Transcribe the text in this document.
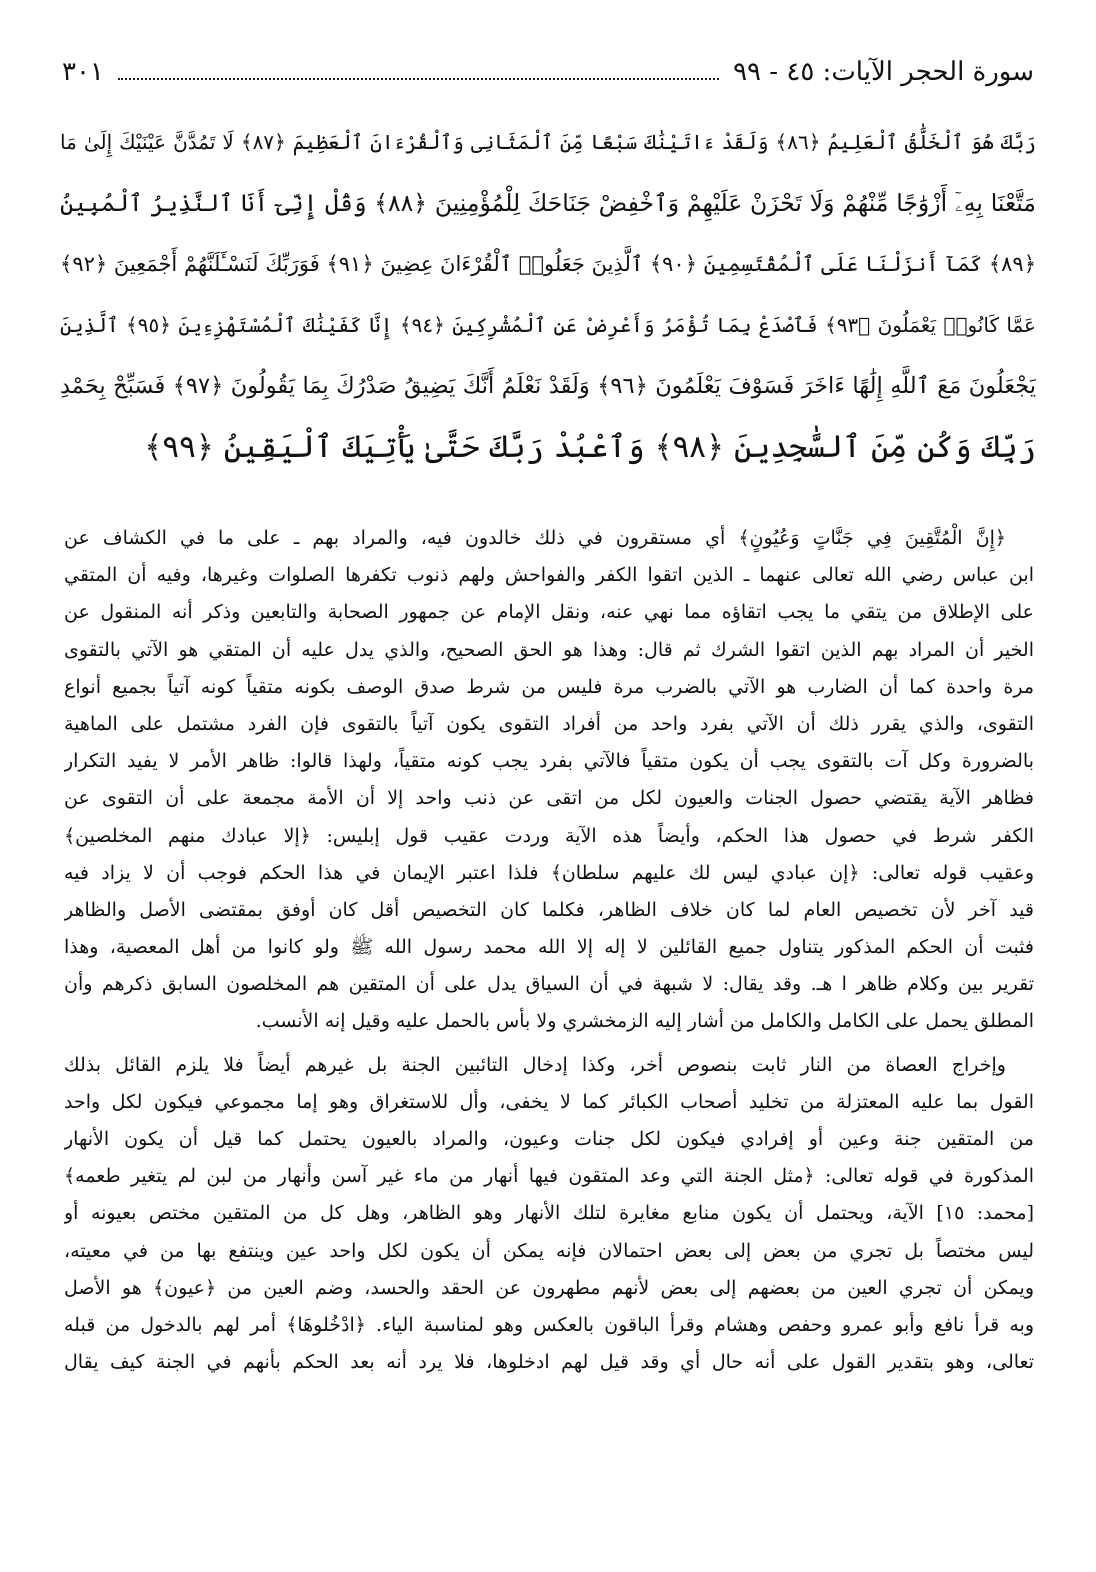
سورة الحجر الآيات: ٤٥ - ٩٩
٣٠١
رَبَّكَ هُوَ ٱلْخَلَّٰقُ ٱلْعَلِيمُ ﴿٨٦﴾ وَلَقَدْ ءَاتَيْنَٰكَ سَبْعًا مِّنَ ٱلْمَثَانِى وَٱلْقُرْءَانَ ٱلْعَظِيمَ ﴿٨٧﴾ لَا تَمُدَّنَّ عَيْنَيْكَ إِلَىٰ مَا
مَتَّعْنَا بِهِۦٓ أَزْوَٰجًا مِّنْهُمْ وَلَا تَحْزَنْ عَلَيْهِمْ وَٱخْفِضْ جَنَاحَكَ لِلْمُؤْمِنِينَ ﴿٨٨﴾ وَقُلْ إِنِّىٓ أَنَا ٱلنَّذِيرُ ٱلْمُبِينُ
﴿٨٩﴾ كَمَآ أَنزَلْنَا عَلَى ٱلْمُقْتَسِمِينَ ﴿٩٠﴾ ٱلَّذِينَ جَعَلُوا۟ ٱلْقُرْءَانَ عِضِينَ ﴿٩١﴾ فَوَرَبِّكَ لَنَسْـَٔلَنَّهُمْ أَجْمَعِينَ ﴿٩٢﴾
عَمَّا كَانُوا۟ يَعْمَلُونَ ﴿٩٣﴾ فَٱصْدَعْ بِمَا تُؤْمَرُ وَأَعْرِضْ عَنِ ٱلْمُشْرِكِينَ ﴿٩٤﴾ إِنَّا كَفَيْنَٰكَ ٱلْمُسْتَهْزِءِينَ ﴿٩٥﴾ ٱلَّذِينَ
يَجْعَلُونَ مَعَ ٱللَّهِ إِلَٰهًا ءَاخَرَ فَسَوْفَ يَعْلَمُونَ ﴿٩٦﴾ وَلَقَدْ نَعْلَمُ أَنَّكَ يَضِيقُ صَدْرُكَ بِمَا يَقُولُونَ ﴿٩٧﴾ فَسَبِّحْ بِحَمْدِ
رَبِّكَ وَكُن مِّنَ ٱلسَّٰجِدِينَ ﴿٩٨﴾ وَٱعْبُدْ رَبَّكَ حَتَّىٰ يَأْتِيَكَ ٱلْيَقِينُ ﴿٩٩﴾
﴿إِنَّ الْمُتَّقِينَ فِي جَنَّاتٍ وَعُيُونٍ﴾ أي مستقرون في ذلك خالدون فيه، والمراد بهم ـ على ما في الكشاف عن
ابن عباس رضي الله تعالى عنهما ـ الذين اتقوا الكفر والفواحش ولهم ذنوب تكفرها الصلوات وغيرها، وفيه أن المتقي
على الإطلاق من يتقي ما يجب اتقاؤه مما نهي عنه، ونقل الإمام عن جمهور الصحابة والتابعين وذكر أنه المنقول عن
الخير أن المراد بهم الذين اتقوا الشرك ثم قال: وهذا هو الحق الصحيح، والذي يدل عليه أن المتقي هو الآتي بالتقوى
مرة واحدة كما أن الضارب هو الآتي بالضرب مرة فليس من شرط صدق الوصف بكونه متقياً كونه آتياً بجميع أنواع
التقوى، والذي يقرر ذلك أن الآتي بفرد واحد من أفراد التقوى يكون آتياً بالتقوى فإن الفرد مشتمل على الماهية
بالضرورة وكل آت بالتقوى يجب أن يكون متقياً فالآتي بفرد يجب كونه متقياً، ولهذا قالوا: ظاهر الأمر لا يفيد التكرار
فظاهر الآية يقتضي حصول الجنات والعيون لكل من اتقى عن ذنب واحد إلا أن الأمة مجمعة على أن التقوى عن
الكفر شرط في حصول هذا الحكم، وأيضاً هذه الآية وردت عقيب قول إبليس: ﴿إلا عبادك منهم المخلصين﴾
وعقيب قوله تعالى: ﴿إن عبادي ليس لك عليهم سلطان﴾ فلذا اعتبر الإيمان في هذا الحكم فوجب أن لا يزاد فيه
قيد آخر لأن تخصيص العام لما كان خلاف الظاهر، فكلما كان التخصيص أقل كان أوفق بمقتضى الأصل والظاهر
فثبت أن الحكم المذكور يتناول جميع القائلين لا إله إلا الله محمد رسول الله ﷺ ولو كانوا من أهل المعصية، وهذا
تقرير بين وكلام ظاهر ا هـ. وقد يقال: لا شبهة في أن السياق يدل على أن المتقين هم المخلصون السابق ذكرهم وأن
المطلق يحمل على الكامل والكامل من أشار إليه الزمخشري ولا بأس بالحمل عليه وقيل إنه الأنسب.
وإخراج العصاة من النار ثابت بنصوص أخر، وكذا إدخال التائبين الجنة بل غيرهم أيضاً فلا يلزم القائل بذلك
القول بما عليه المعتزلة من تخليد أصحاب الكبائر كما لا يخفى، وأل للاستغراق وهو إما مجموعي فيكون لكل واحد
من المتقين جنة وعين أو إفرادي فيكون لكل جنات وعيون، والمراد بالعيون يحتمل كما قيل أن يكون الأنهار
المذكورة في قوله تعالى: ﴿مثل الجنة التي وعد المتقون فيها أنهار من ماء غير آسن وأنهار من لبن لم يتغير طعمه﴾
[محمد: ١٥] الآية، ويحتمل أن يكون منابع مغايرة لتلك الأنهار وهو الظاهر، وهل كل من المتقين مختص بعيونه أو
ليس مختصاً بل تجري من بعض إلى بعض احتمالان فإنه يمكن أن يكون لكل واحد عين وينتفع بها من في معيته،
ويمكن أن تجري العين من بعضهم إلى بعض لأنهم مطهرون عن الحقد والحسد، وضم العين من ﴿عيون﴾ هو الأصل
وبه قرأ نافع وأبو عمرو وحفص وهشام وقرأ الباقون بالعكس وهو لمناسبة الياء. ﴿ادْخُلوهَا﴾ أمر لهم بالدخول من قبله
تعالى، وهو بتقدير القول على أنه حال أي وقد قيل لهم ادخلوها، فلا يرد أنه بعد الحكم بأنهم في الجنة كيف يقال
